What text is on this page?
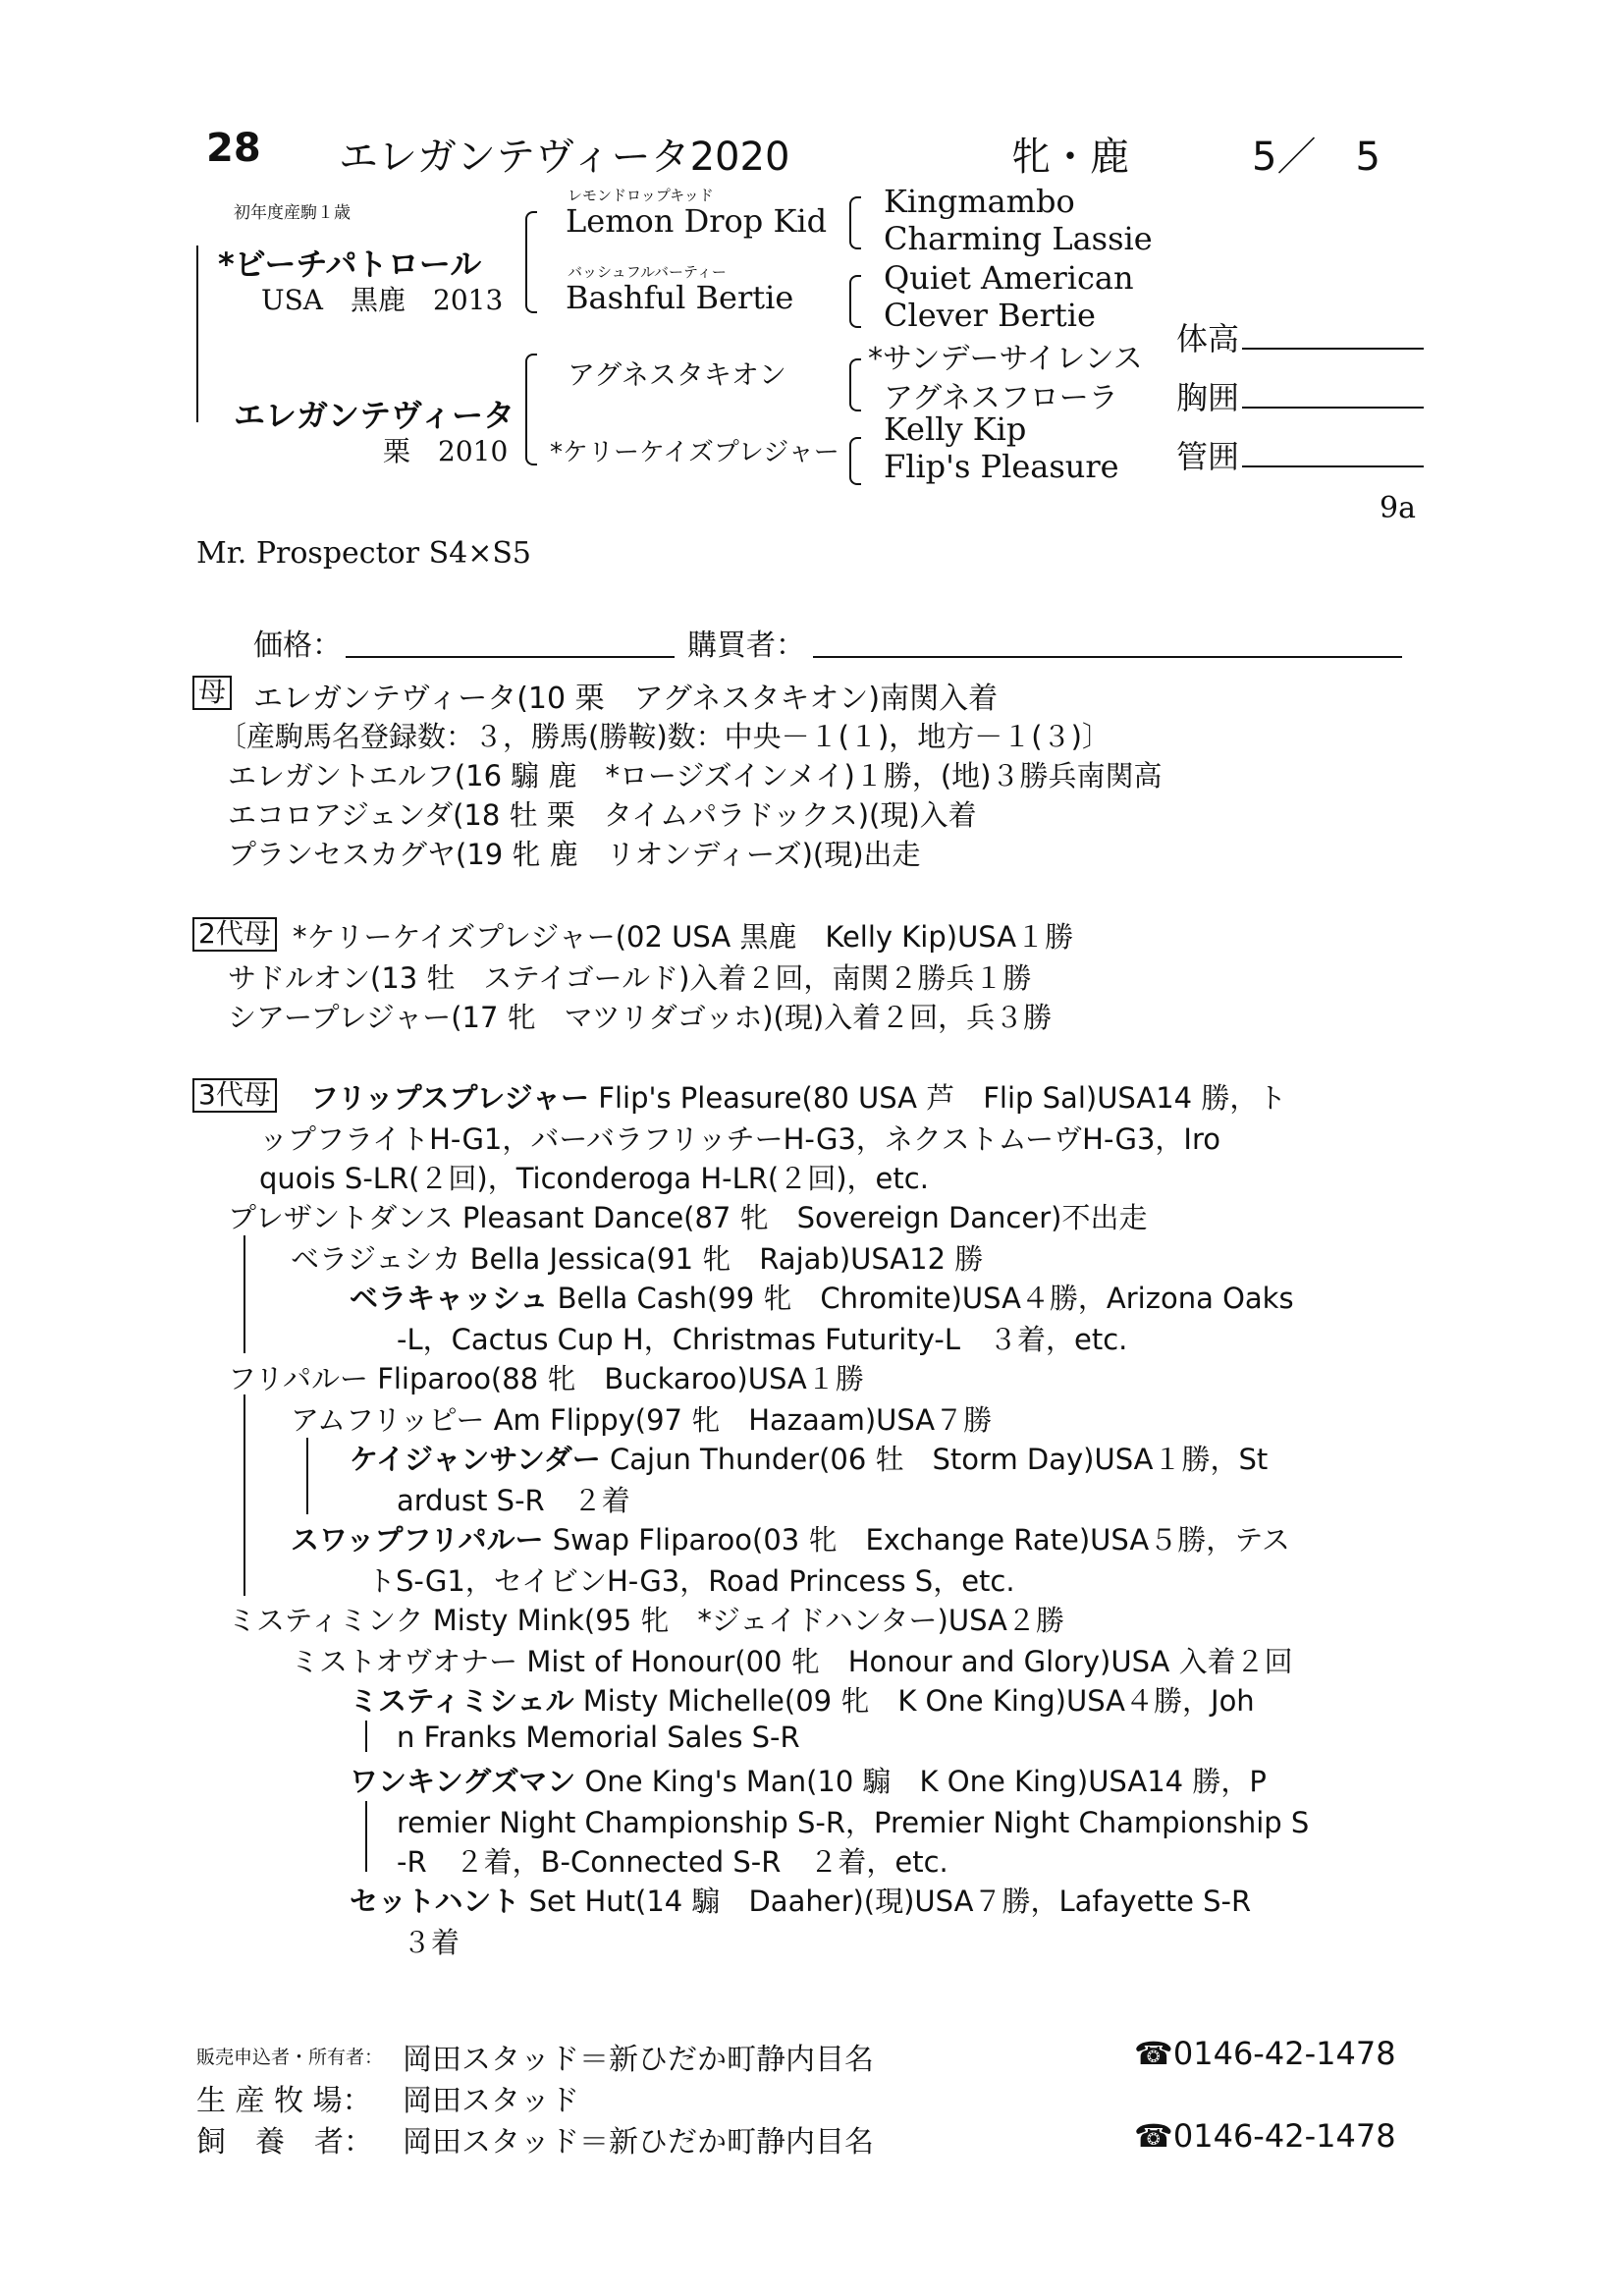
28 エレガンテヴィータ2020	牝・鹿	5／　5
初年度産駒１歳
*ビーチパトロール
USA　黒鹿　2013
エレガンテヴィータ
栗　2010
レモンドロップキッド
Lemon Drop Kid
バッシュフルバーティー
Bashful Bertie
アグネスタキオン
*ケリーケイズプレジャー
Kingmambo
Charming Lassie
Quiet American
Clever Bertie
*サンデーサイレンス
アグネスフローラ
Kelly Kip
Flip's Pleasure
体高
胸囲
管囲
9a
Mr. Prospector S4×S5
価格：	購買者：
母 エレガンテヴィータ(10 栗　アグネスタキオン)南関入着
〔産駒馬名登録数：３，勝馬(勝鞍)数：中央－１(１)，地方－１(３)〕
エレガントエルフ(16 騸 鹿　*ロージズインメイ)１勝，(地)３勝兵南関高
エコロアジェンダ(18 牡 栗　タイムパラドックス)(現)入着
プランセスカグヤ(19 牝 鹿　リオンディーズ)(現)出走
2代母 *ケリーケイズプレジャー(02 USA 黒鹿　Kelly Kip)USA１勝
サドルオン(13 牡　ステイゴールド)入着２回，南関２勝兵１勝
シアープレジャー(17 牝　マツリダゴッホ)(現)入着２回，兵３勝
3代母 フリップスプレジャー Flip's Pleasure(80 USA 芦　Flip Sal)USA14 勝，ト
ップフライトH-G1，バーバラフリッチーH-G3，ネクストムーヴH-G3，Iro
quois S-LR(２回)，Ticonderoga H-LR(２回)，etc.
プレザントダンス Pleasant Dance(87 牝　Sovereign Dancer)不出走
ベラジェシカ Bella Jessica(91 牝　Rajab)USA12 勝
ベラキャッシュ Bella Cash(99 牝　Chromite)USA４勝，Arizona Oaks
-L，Cactus Cup H，Christmas Futurity-L　３着，etc.
フリパルー Fliparoo(88 牝　Buckaroo)USA１勝
アムフリッピー Am Flippy(97 牝　Hazaam)USA７勝
ケイジャンサンダー Cajun Thunder(06 牡　Storm Day)USA１勝，St
ardust S-R　２着
スワップフリパルー Swap Fliparoo(03 牝　Exchange Rate)USA５勝，テス
トS-G1，セイビンH-G3，Road Princess S，etc.
ミスティミンク Misty Mink(95 牝　*ジェイドハンター)USA２勝
ミストオヴオナー Mist of Honour(00 牝　Honour and Glory)USA 入着２回
ミスティミシェル Misty Michelle(09 牝　K One King)USA４勝，Joh
n Franks Memorial Sales S-R
ワンキングズマン One King's Man(10 騸　K One King)USA14 勝，P
remier Night Championship S-R，Premier Night Championship S
-R　２着，B-Connected S-R　２着，etc.
セットハント Set Hut(14 騸　Daaher)(現)USA７勝，Lafayette S-R
３着
販売申込者・所有者： 岡田スタッド＝新ひだか町静内目名	☎0146-42-1478
生 産 牧 場： 岡田スタッド
飼　養　者： 岡田スタッド＝新ひだか町静内目名	☎0146-42-1478
